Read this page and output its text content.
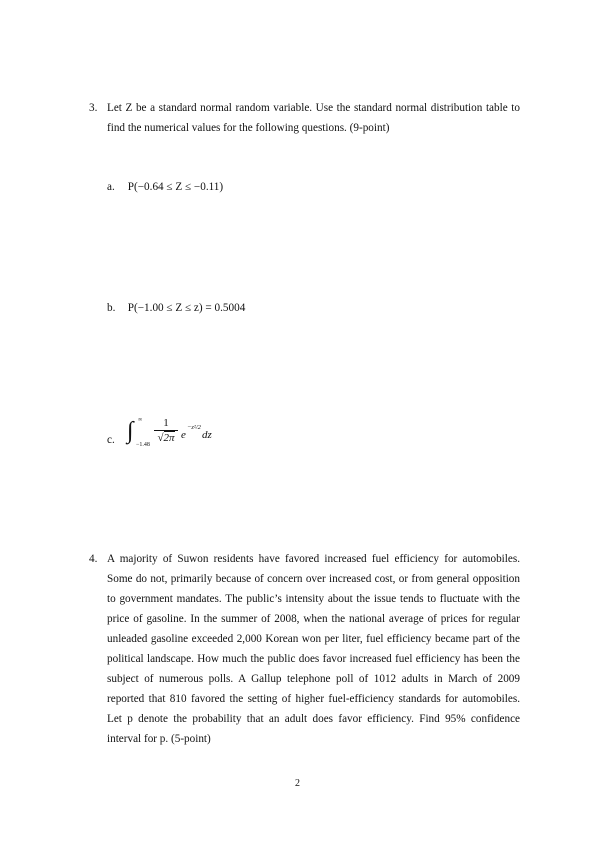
3. Let Z be a standard normal random variable. Use the standard normal distribution table to find the numerical values for the following questions. (9-point)
a. P(−0.64 ≤ Z ≤ −0.11)
b. P(−1.00 ≤ Z ≤ z) = 0.5004
c. ∫ ∞
−1.48
1
√2π e
−z²/2
dz
4. A majority of Suwon residents have favored increased fuel efficiency for automobiles. Some do not, primarily because of concern over increased cost, or from general opposition to government mandates. The public’s intensity about the issue tends to fluctuate with the price of gasoline. In the summer of 2008, when the national average of prices for regular unleaded gasoline exceeded 2,000 Korean won per liter, fuel efficiency became part of the political landscape. How much the public does favor increased fuel efficiency has been the subject of numerous polls. A Gallup telephone poll of 1012 adults in March of 2009 reported that 810 favored the setting of higher fuel-efficiency standards for automobiles.  Let p denote the probability that an adult does favor efficiency. Find 95% confidence interval for p. (5-point)
2
